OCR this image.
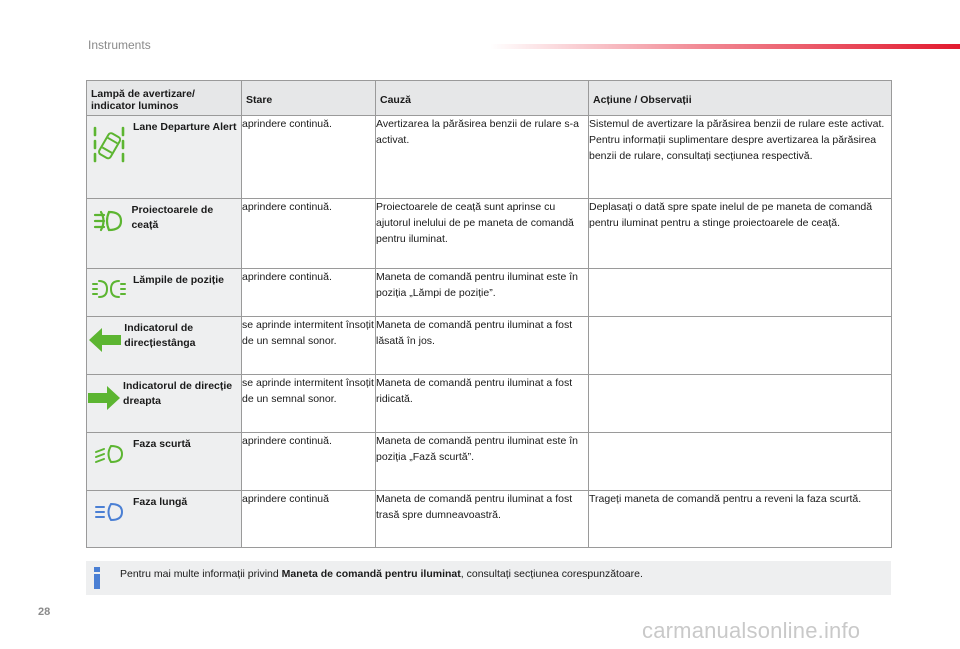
Instruments
Lampă de avertizare/ indicator luminos	Stare	Cauză	Acțiune / Observații

Lane Departure Alert	aprindere continuă.	Avertizarea la părăsirea benzii de rulare s-a activat.	Sistemul de avertizare la părăsirea benzii de rulare este activat.
Pentru informații suplimentare despre avertizarea la părăsirea benzii de rulare, consultați secțiunea respectivă.

Proiectoarele de ceață	aprindere continuă.	Proiectoarele de ceață sunt aprinse cu ajutorul inelului de pe maneta de comandă pentru iluminat.	Deplasați o dată spre spate inelul de pe maneta de comandă pentru iluminat pentru a stinge proiectoarele de ceață.

Lămpile de poziție	aprindere continuă.	Maneta de comandă pentru iluminat este în poziția „Lămpi de poziție”.	

Indicatorul de direcțiestânga	se aprinde intermitent însoțit de un semnal sonor.	Maneta de comandă pentru iluminat a fost lăsată în jos.	

Indicatorul de direcție dreapta	se aprinde intermitent însoțit de un semnal sonor.	Maneta de comandă pentru iluminat a fost ridicată.	

Faza scurtă	aprindere continuă.	Maneta de comandă pentru iluminat este în poziția „Fază scurtă”.	

Faza lungă	aprindere continuă	Maneta de comandă pentru iluminat a fost trasă spre dumneavoastră.	Trageți maneta de comandă pentru a reveni la faza scurtă.
Pentru mai multe informații privind Maneta de comandă pentru iluminat, consultați secțiunea corespunzătoare.
28
carmanualsonline.info
